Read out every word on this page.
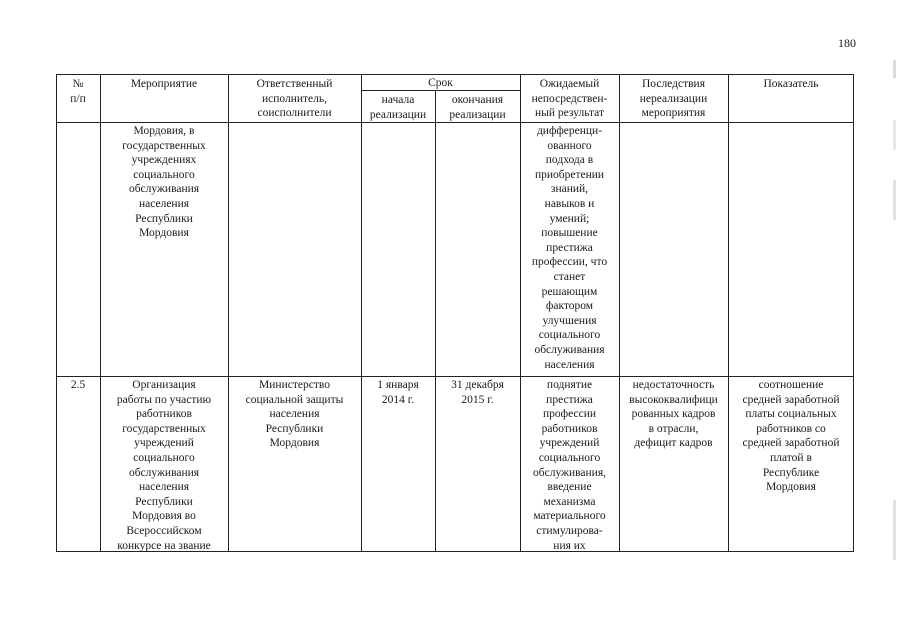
180
№
п/п
Мероприятие	Ответственный
исполнитель,
соисполнители
Срок
начала
реализации
окончания
реализации
Ожидаемый
непосредствен-
ный результат
Последствия
нереализации
мероприятия
Показатель
Мордовия, в
государственных
учреждениях
социального
обслуживания
населения
Республики
Мордовия
дифференци-
ованного
подхода в
приобретении
знаний,
навыков и
умений;
повышение
престижа
профессии, что
станет
решающим
фактором
улучшения
социального
обслуживания
населения
2.5	Организация
работы по участию
работников
государственных
учреждений
социального
обслуживания
населения
Республики
Мордовия во
Всероссийском
конкурсе на звание
Министерство
социальной защиты
населения
Республики
Мордовия
1 января
2014 г.
31 декабря
2015 г.
поднятие
престижа
профессии
работников
учреждений
социального
обслуживания,
введение
механизма
материального
стимулирова-
ния их
недостаточность
высококвалифици
рованных кадров
в отрасли,
дефицит кадров
соотношение
средней заработной
платы социальных
работников со
средней заработной
платой в
Республике
Мордовия
